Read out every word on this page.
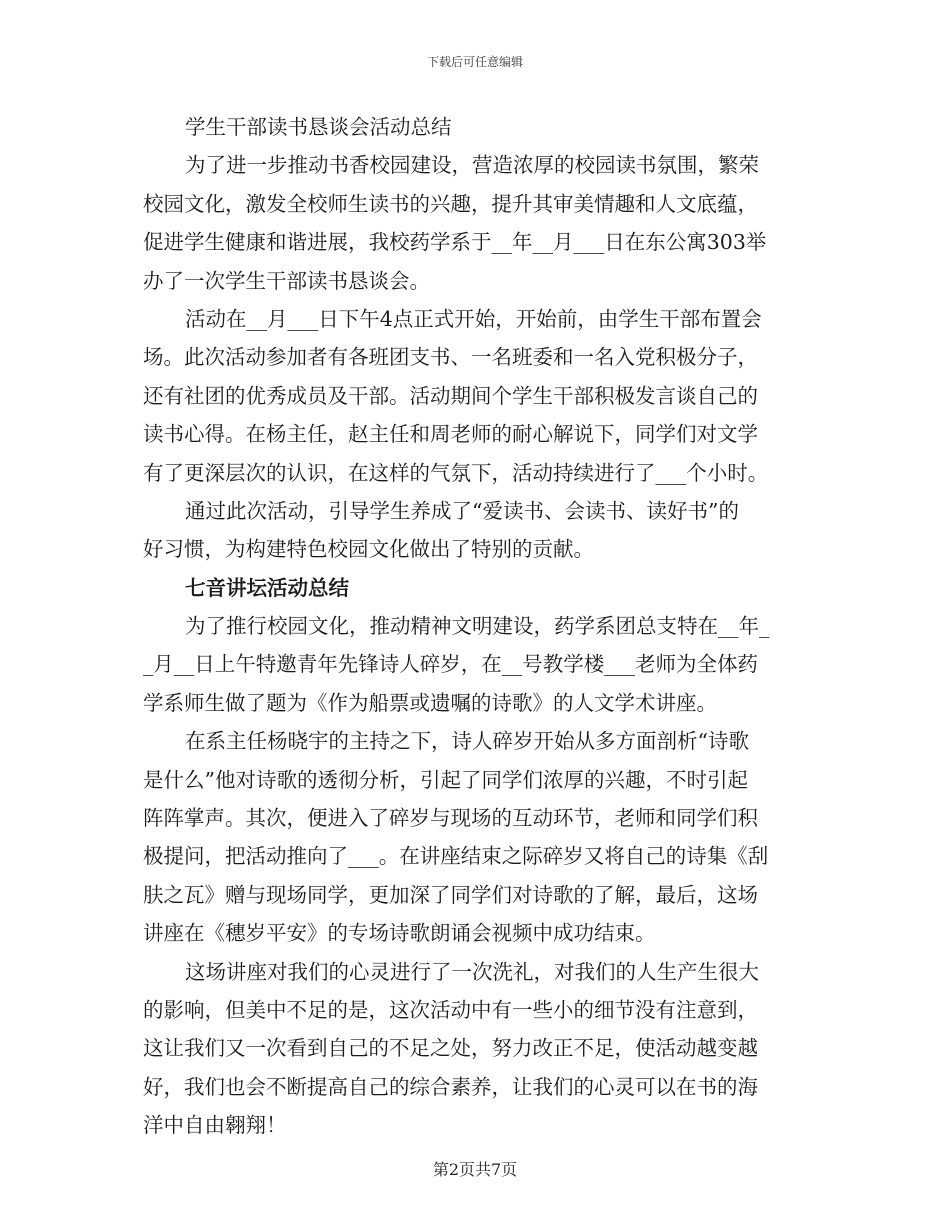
下载后可任意编辑
学生干部读书恳谈会活动总结
为了进一步推动书香校园建设，营造浓厚的校园读书氛围，繁荣
校园文化，激发全校师生读书的兴趣，提升其审美情趣和人文底蕴，
促进学生健康和谐进展，我校药学系于__年__月___日在东公寓303举
办了一次学生干部读书恳谈会。
活动在__月___日下午4点正式开始，开始前，由学生干部布置会
场。此次活动参加者有各班团支书、一名班委和一名入党积极分子，
还有社团的优秀成员及干部。活动期间个学生干部积极发言谈自己的
读书心得。在杨主任，赵主任和周老师的耐心解说下，同学们对文学
有了更深层次的认识，在这样的气氛下，活动持续进行了___个小时。
通过此次活动，引导学生养成了“爱读书、会读书、读好书”的
好习惯，为构建特色校园文化做出了特别的贡献。
七音讲坛活动总结
为了推行校园文化，推动精神文明建设，药学系团总支特在__年_
_月__日上午特邀青年先锋诗人碎岁，在__号教学楼___老师为全体药
学系师生做了题为《作为船票或遗嘱的诗歌》的人文学术讲座。
在系主任杨晓宇的主持之下，诗人碎岁开始从多方面剖析“诗歌
是什么”他对诗歌的透彻分析，引起了同学们浓厚的兴趣，不时引起
阵阵掌声。其次，便进入了碎岁与现场的互动环节，老师和同学们积
极提问，把活动推向了___。在讲座结束之际碎岁又将自己的诗集《刮
肤之瓦》赠与现场同学，更加深了同学们对诗歌的了解，最后，这场
讲座在《穗岁平安》的专场诗歌朗诵会视频中成功结束。
这场讲座对我们的心灵进行了一次洗礼，对我们的人生产生很大
的影响，但美中不足的是，这次活动中有一些小的细节没有注意到，
这让我们又一次看到自己的不足之处，努力改正不足，使活动越变越
好，我们也会不断提高自己的综合素养，让我们的心灵可以在书的海
洋中自由翱翔！
第2页共7页
